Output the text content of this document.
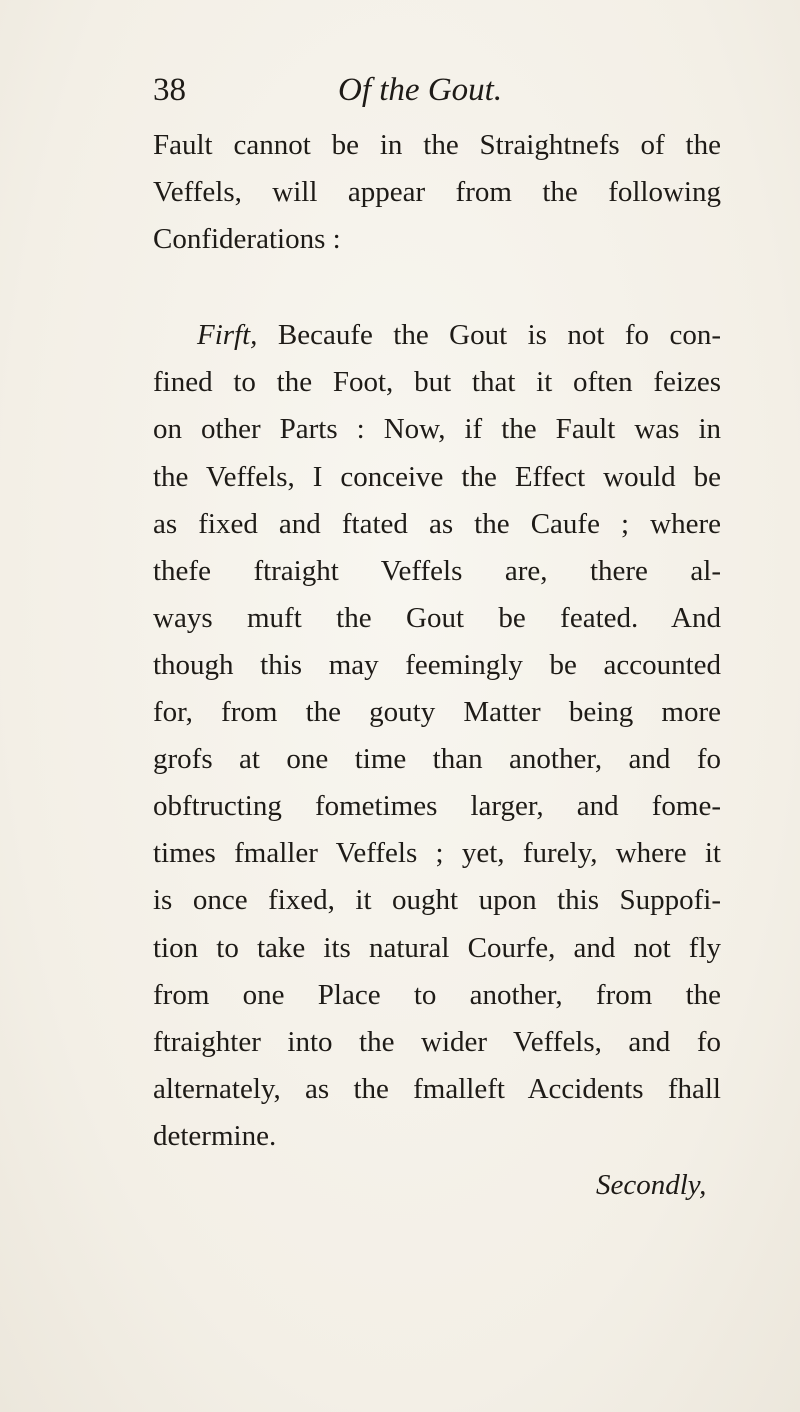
38	Of the Gout.
Fault cannot be in the Straightnefs of the
Veffels, will appear from the following
Confiderations :
Firft, Becaufe the Gout is not fo con-
fined to the Foot, but that it often feizes
on other Parts : Now, if the Fault was in
the Veffels, I conceive the Effect would be
as fixed and ftated as the Caufe ; where
thefe ftraight Veffels are, there al-
ways muft the Gout be feated. And
though this may feemingly be accounted
for, from the gouty Matter being more
grofs at one time than another, and fo
obftructing fometimes larger, and fome-
times fmaller Veffels ; yet, furely, where it
is once fixed, it ought upon this Suppofi-
tion to take its natural Courfe, and not fly
from one Place to another, from the
ftraighter into the wider Veffels, and fo
alternately, as the fmalleft Accidents fhall
determine.
Secondly,
